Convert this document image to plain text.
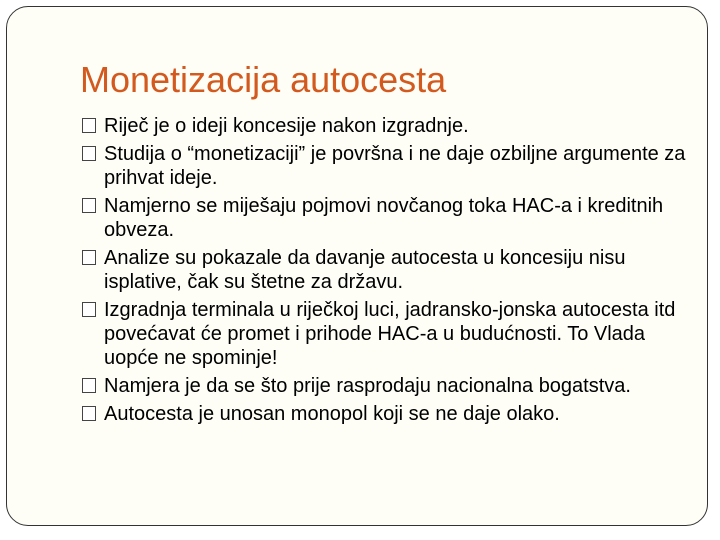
Monetizacija autocesta
Riječ je o ideji koncesije nakon izgradnje.
Studija o “monetizaciji” je površna i ne daje ozbiljne argumente za prihvat ideje.
Namjerno se miješaju pojmovi novčanog toka HAC-a i kreditnih obveza.
Analize su pokazale da davanje autocesta u koncesiju nisu isplative, čak su štetne za državu.
Izgradnja terminala u riječkoj luci, jadransko-jonska autocesta itd povećavat će promet i prihode HAC-a u budućnosti. To Vlada uopće ne spominje!
Namjera je da se što prije rasprodaju nacionalna bogatstva.
Autocesta je unosan monopol koji se ne daje olako.
